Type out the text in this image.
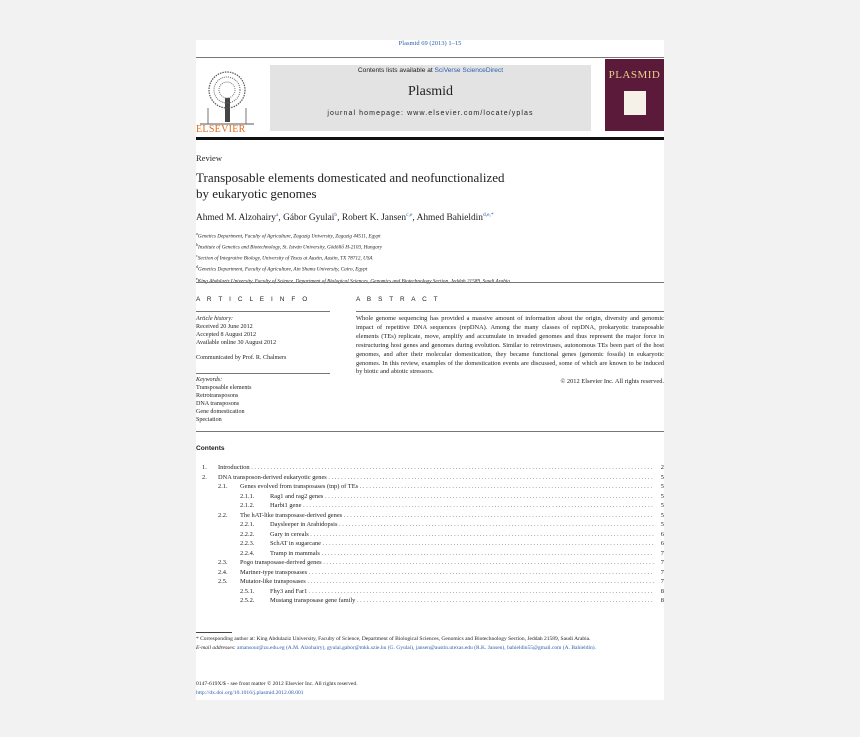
Plasmid 69 (2013) 1–15
ELSEVIER
Contents lists available at SciVerse ScienceDirect
Plasmid
journal homepage: www.elsevier.com/locate/yplas
PLASMID
Review
Transposable elements domesticated and neofunctionalized
by eukaryotic genomes
Ahmed M. Alzohairy$^a$, Gábor Gyulai$^b$, Robert K. Jansen$^{c,e}$, Ahmed Bahieldin$^{d,e,*}$
$^a$Genetics Department, Faculty of Agriculture, Zagazig University, Zagazig 44511, Egypt
$^b$Institute of Genetics and Biotechnology, St. István University, Gödöllő H-2103, Hungary
$^c$Section of Integrative Biology, University of Texas at Austin, Austin, TX 78712, USA
$^d$Genetics Department, Faculty of Agriculture, Ain Shams University, Cairo, Egypt
$^e$King Abdulaziz University, Faculty of Science, Department of Biological Sciences, Genomics and Biotechnology Section, Jeddah 21589, Saudi Arabia
A R T I C L E I N F O	A B S T R A C T
Article history:
Received 20 June 2012
Accepted 8 August 2012
Available online 30 August 2012
Communicated by Prof. R. Chalmers
Keywords:
Transposable elements
Retrotransposons
DNA transposons
Gene domestication
Speciation
Whole genome sequencing has provided a massive amount of information about the origin, diversity and genomic impact of repetitive DNA sequences (repDNA). Among the many classes of repDNA, prokaryotic transposable elements (TEs) replicate, move, amplify and accumulate in invaded genomes and thus represent the major force in restructuring host genes and genomes during evolution. Similar to retroviruses, autonomous TEs been part of the host genomes, and after their molecular domestication, they became functional genes (genomic fossils) in eukaryotic genomes. In this review, examples of the domestication events are discussed, some of which are known to be induced by biotic and abiotic stressors.
© 2012 Elsevier Inc. All rights reserved.
Contents
1. Introduction . . .	2
2. DNA transposon-derived eukaryotic genes . . .	5
2.1. Genes evolved from transposases (tnp) of TEs . . .	5
2.1.1. Rag1 and rag2 genes . . .	5
2.1.2. Harbi1 gene . . .	5
2.2. The hAT-like transposase-derived genes . . .	5
2.2.1. Daysleeper in Arabidopsis . . .	5
2.2.2. Gary in cereals . . .	6
2.2.3. SchAT in sugarcane . . .	6
2.2.4. Tramp in mammals . . .	7
2.3. Pogo transposase-derived genes . . .	7
2.4. Mariner-type transposases . . .	7
2.5. Mutator-like transposases . . .	7
2.5.1. Fhy3 and Far1 . . .	8
2.5.2. Mustang transposase gene family . . .	8
* Corresponding author at: King Abdulaziz University, Faculty of Science, Department of Biological Sciences, Genomics and Biotechnology Section, Jeddah 21589, Saudi Arabia.
E-mail addresses: amansour@zu.edu.eg (A.M. Alzohairy), gyulai.gabor@mkk.szie.hu (G. Gyulai), jansen@austin.utexas.edu (R.K. Jansen), bahieldin55@gmail.com (A. Bahieldin).
0147-619X/$ - see front matter © 2012 Elsevier Inc. All rights reserved.
http://dx.doi.org/10.1016/j.plasmid.2012.08.001
